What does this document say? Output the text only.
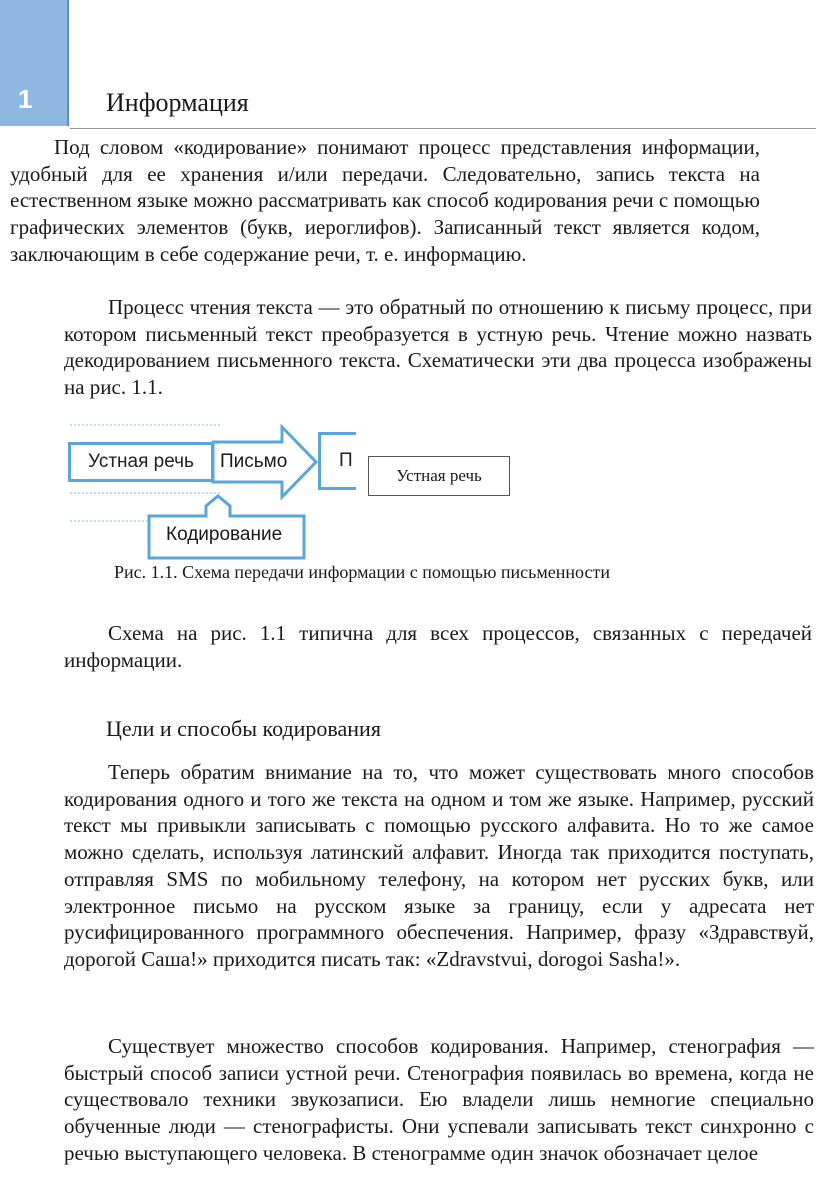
1	Информация

Под словом «кодирование» понимают процесс представления информации, удобный для ее хранения и/или передачи. Следовательно, запись текста на естественном языке можно рассматривать как способ кодирования речи с помощью графических элементов (букв, иероглифов). Записанный текст является кодом, заключающим в себе содержание речи, т. е. информацию.

Процесс чтения текста — это обратный по отношению к письму процесс, при котором письменный текст преобразуется в устную речь. Чтение можно назвать декодированием письменного текста. Схематически эти два процесса изображены на рис. 1.1.

Устная речь Письмо	П
Кодирование
Устная речь
Рис. 1.1. Схема передачи информации с помощью письменности

Схема на рис. 1.1 типична для всех процессов, связанных с передачей информации.

Цели и способы кодирования

Теперь обратим внимание на то, что может существовать много способов кодирования одного и того же текста на одном и том же языке. Например, русский текст мы привыкли записывать с помощью русского алфавита. Но то же самое можно сделать, используя латинский алфавит. Иногда так приходится поступать, отправляя SMS по мобильному телефону, на котором нет русских букв, или электронное письмо на русском языке за границу, если у адресата нет русифицированного программного обеспечения. Например, фразу «Здравствуй, дорогой Саша!» приходится писать так: «Zdravstvui, dorogoi Sasha!».

Существует множество способов кодирования. Например, стенография — быстрый способ записи устной речи. Стенография появилась во времена, когда не существовало техники звукозаписи. Ею владели лишь немногие специально обученные люди — стенографисты. Они успевали записывать текст синхронно с речью выступающего человека. В стенограмме один значок обозначает целое
